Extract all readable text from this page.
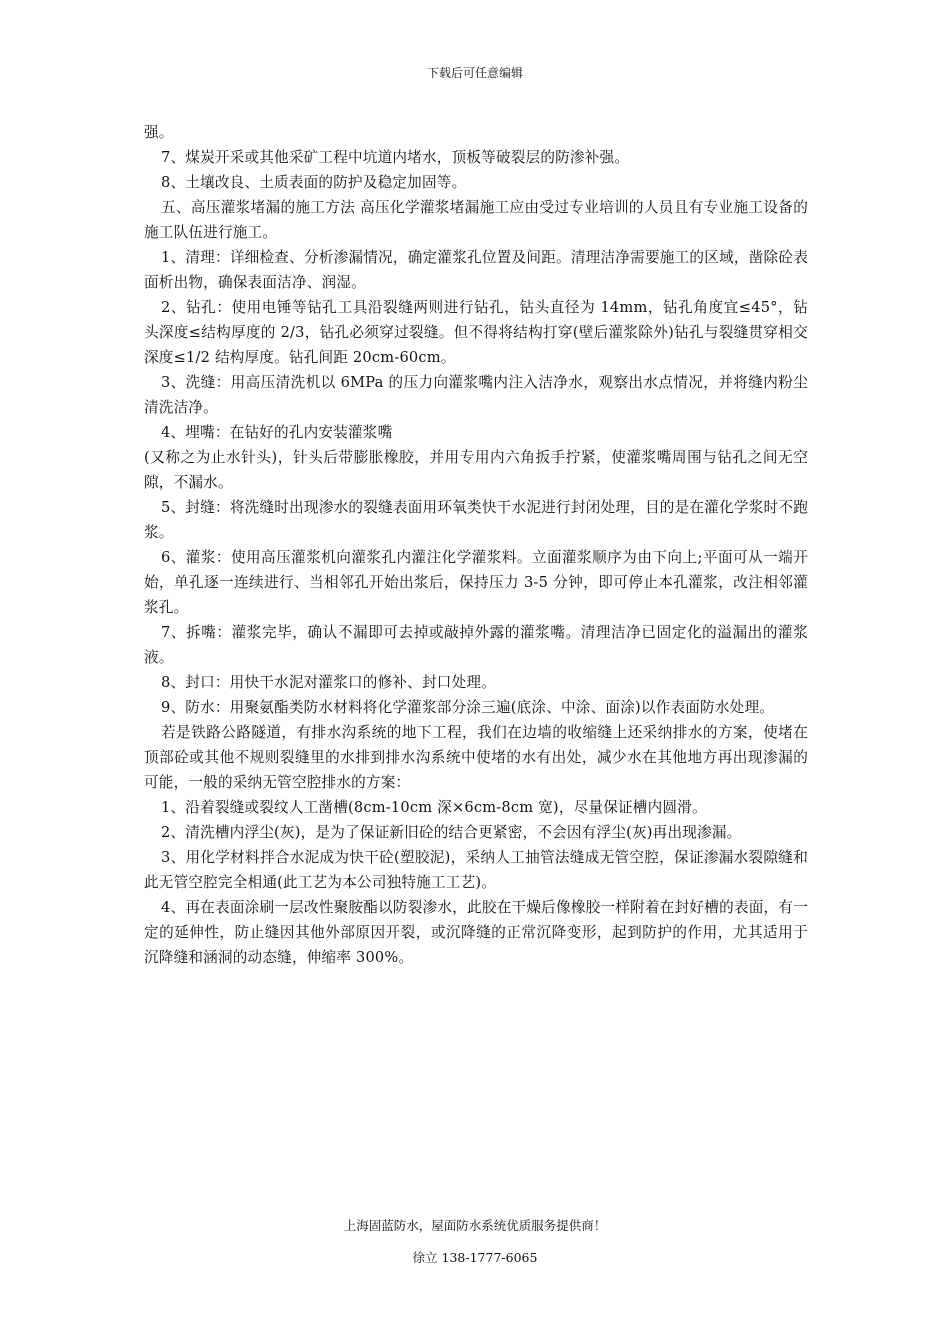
下载后可任意编辑

强。

7、煤炭开采或其他采矿工程中坑道内堵水，顶板等破裂层的防渗补强。

8、土壤改良、土质表面的防护及稳定加固等。

五、高压灌浆堵漏的施工方法 高压化学灌浆堵漏施工应由受过专业培训的人员且有专业施工设备的施工队伍进行施工。

1、清理：详细检查、分析渗漏情况，确定灌浆孔位置及间距。清理洁净需要施工的区域，凿除砼表面析出物，确保表面洁净、润湿。

2、钻孔：使用电锤等钻孔工具沿裂缝两则进行钻孔，钻头直径为 14mm，钻孔角度宜≤45°，钻头深度≤结构厚度的 2/3，钻孔必须穿过裂缝。但不得将结构打穿(壁后灌浆除外)钻孔与裂缝贯穿相交深度≤1/2 结构厚度。钻孔间距 20cm-60cm。

3、洗缝：用高压清洗机以 6MPa 的压力向灌浆嘴内注入洁净水，观察出水点情况，并将缝内粉尘清洗洁净。

4、埋嘴：在钻好的孔内安装灌浆嘴

(又称之为止水针头)，针头后带膨胀橡胶，并用专用内六角扳手拧紧，使灌浆嘴周围与钻孔之间无空隙，不漏水。

5、封缝：将洗缝时出现渗水的裂缝表面用环氧类快干水泥进行封闭处理，目的是在灌化学浆时不跑浆。

6、灌浆：使用高压灌浆机向灌浆孔内灌注化学灌浆料。立面灌浆顺序为由下向上;平面可从一端开始，单孔逐一连续进行、当相邻孔开始出浆后，保持压力 3-5 分钟，即可停止本孔灌浆，改注相邻灌浆孔。

7、拆嘴：灌浆完毕，确认不漏即可去掉或敲掉外露的灌浆嘴。清理洁净已固定化的溢漏出的灌浆液。

8、封口：用快干水泥对灌浆口的修补、封口处理。

9、防水：用聚氨酯类防水材料将化学灌浆部分涂三遍(底涂、中涂、面涂)以作表面防水处理。

若是铁路公路隧道，有排水沟系统的地下工程，我们在边墙的收缩缝上还采纳排水的方案，使堵在顶部砼或其他不规则裂缝里的水排到排水沟系统中使堵的水有出处，减少水在其他地方再出现渗漏的可能，一般的采纳无管空腔排水的方案：

1、沿着裂缝或裂纹人工凿槽(8cm-10cm 深×6cm-8cm 宽)，尽量保证槽内圆滑。

2、清洗槽内浮尘(灰)，是为了保证新旧砼的结合更紧密，不会因有浮尘(灰)再出现渗漏。

3、用化学材料拌合水泥成为快干砼(塑胶泥)，采纳人工抽管法缝成无管空腔，保证渗漏水裂隙缝和此无管空腔完全相通(此工艺为本公司独特施工工艺)。

4、再在表面涂刷一层改性聚胺酯以防裂渗水，此胶在干燥后像橡胶一样附着在封好槽的表面，有一定的延伸性，防止缝因其他外部原因开裂，或沉降缝的正常沉降变形，起到防护的作用，尤其适用于沉降缝和涵洞的动态缝，伸缩率 300%。

上海固蓝防水，屋面防水系统优质服务提供商！
徐立 138-1777-6065
